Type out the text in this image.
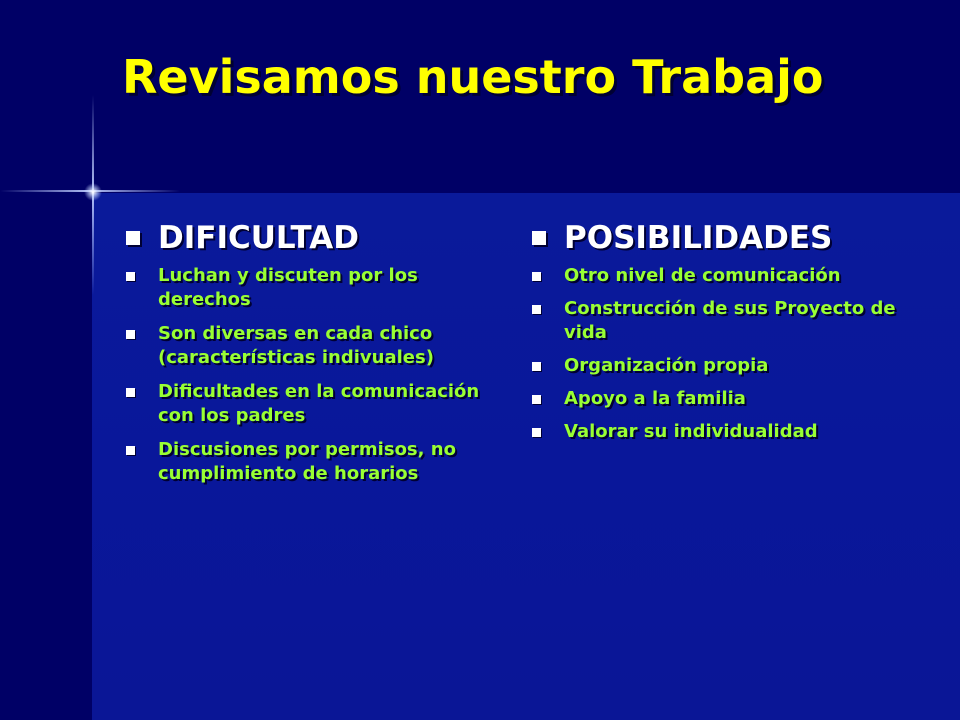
Revisamos nuestro Trabajo
DIFICULTAD
Luchan y discuten por los derechos
Son diversas en cada chico (características indivuales)
Dificultades en la comunicación con los padres
Discusiones por permisos, no cumplimiento de horarios
POSIBILIDADES
Otro nivel de comunicación
Construcción de sus Proyecto de vida
Organización propia
Apoyo a la familia
Valorar su individualidad
